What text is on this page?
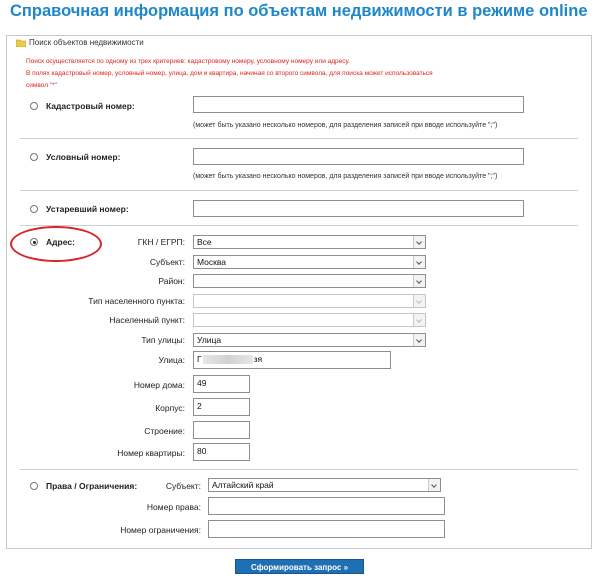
Справочная информация по объектам недвижимости в режиме online
Поиск объектов недвижимости
Поиск осуществляется по одному из трех критериев: кадастровому номеру, условному номеру или адресу.
В полях кадастровый номер, условный номер, улица, дом и квартира, начиная со второго символа, для поиска может использоваться
символ "*"
Кадастровый номер:
(может быть указано несколько номеров, для разделения записей при вводе используйте ";")
Условный номер:
(может быть указано несколько номеров, для разделения записей при вводе используйте ";")
Устаревший номер:
Адрес:	ГКН / ЕГРП:	Все
Субъект:	Москва
Район:
Тип населенного пункта:
Населенный пункт:
Тип улицы:	Улица
Улица:	Г	зя
Номер дома:	49
Корпус:	2
Строение:
Номер квартиры:	80
Права / Ограничения:	Субъект:	Алтайский край
Номер права:
Номер ограничения:
Сформировать запрос »
